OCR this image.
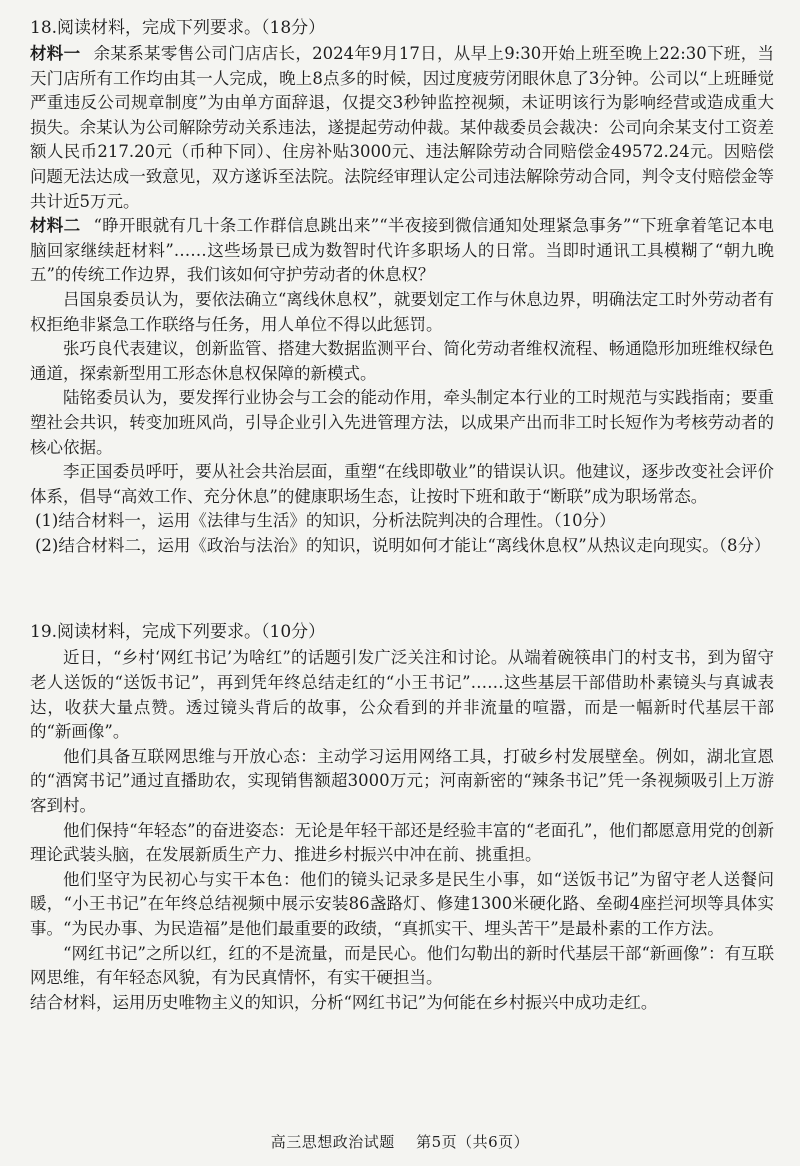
18.阅读材料，完成下列要求。（18分）

材料一 余某系某零售公司门店店长，2024年9月17日，从早上9:30开始上班至晚上22:30下班，当天门店所有工作均由其一人完成，晚上8点多的时候，因过度疲劳闭眼休息了3分钟。公司以“上班睡觉严重违反公司规章制度”为由单方面辞退，仅提交3秒钟监控视频，未证明该行为影响经营或造成重大损失。余某认为公司解除劳动关系违法，遂提起劳动仲裁。某仲裁委员会裁决：公司向余某支付工资差额人民币217.20元（币种下同）、住房补贴3000元、违法解除劳动合同赔偿金49572.24元。因赔偿问题无法达成一致意见，双方遂诉至法院。法院经审理认定公司违法解除劳动合同，判令支付赔偿金等共计近5万元。

材料二 “睁开眼就有几十条工作群信息跳出来”“半夜接到微信通知处理紧急事务”“下班拿着笔记本电脑回家继续赶材料”……这些场景已成为数智时代许多职场人的日常。当即时通讯工具模糊了“朝九晚五”的传统工作边界，我们该如何守护劳动者的休息权？

吕国泉委员认为，要依法确立“离线休息权”，就要划定工作与休息边界，明确法定工时外劳动者有权拒绝非紧急工作联络与任务，用人单位不得以此惩罚。

张巧良代表建议，创新监管、搭建大数据监测平台、简化劳动者维权流程、畅通隐形加班维权绿色通道，探索新型用工形态休息权保障的新模式。

陆铭委员认为，要发挥行业协会与工会的能动作用，牵头制定本行业的工时规范与实践指南；要重塑社会共识，转变加班风尚，引导企业引入先进管理方法，以成果产出而非工时长短作为考核劳动者的核心依据。

李正国委员呼吁，要从社会共治层面，重塑“在线即敬业”的错误认识。他建议，逐步改变社会评价体系，倡导“高效工作、充分休息”的健康职场生态，让按时下班和敢于“断联”成为职场常态。

(1)结合材料一，运用《法律与生活》的知识，分析法院判决的合理性。（10分）

(2)结合材料二，运用《政治与法治》的知识，说明如何才能让“离线休息权”从热议走向现实。（8分）

19.阅读材料，完成下列要求。（10分）

近日，“乡村‘网红书记’为啥红”的话题引发广泛关注和讨论。从端着碗筷串门的村支书，到为留守老人送饭的“送饭书记”，再到凭年终总结走红的“小王书记”……这些基层干部借助朴素镜头与真诚表达，收获大量点赞。透过镜头背后的故事，公众看到的并非流量的喧嚣，而是一幅新时代基层干部的“新画像”。

他们具备互联网思维与开放心态：主动学习运用网络工具，打破乡村发展壁垒。例如，湖北宣恩的“酒窝书记”通过直播助农，实现销售额超3000万元；河南新密的“辣条书记”凭一条视频吸引上万游客到村。

他们保持“年轻态”的奋进姿态：无论是年轻干部还是经验丰富的“老面孔”，他们都愿意用党的创新理论武装头脑，在发展新质生产力、推进乡村振兴中冲在前、挑重担。

他们坚守为民初心与实干本色：他们的镜头记录多是民生小事，如“送饭书记”为留守老人送餐问暖，“小王书记”在年终总结视频中展示安装86盏路灯、修建1300米硬化路、垒砌4座拦河坝等具体实事。“为民办事、为民造福”是他们最重要的政绩，“真抓实干、埋头苦干”是最朴素的工作方法。

“网红书记”之所以红，红的不是流量，而是民心。他们勾勒出的新时代基层干部“新画像”：有互联网思维，有年轻态风貌，有为民真情怀，有实干硬担当。

结合材料，运用历史唯物主义的知识，分析“网红书记”为何能在乡村振兴中成功走红。

高三思想政治试题 第5页（共6页）
